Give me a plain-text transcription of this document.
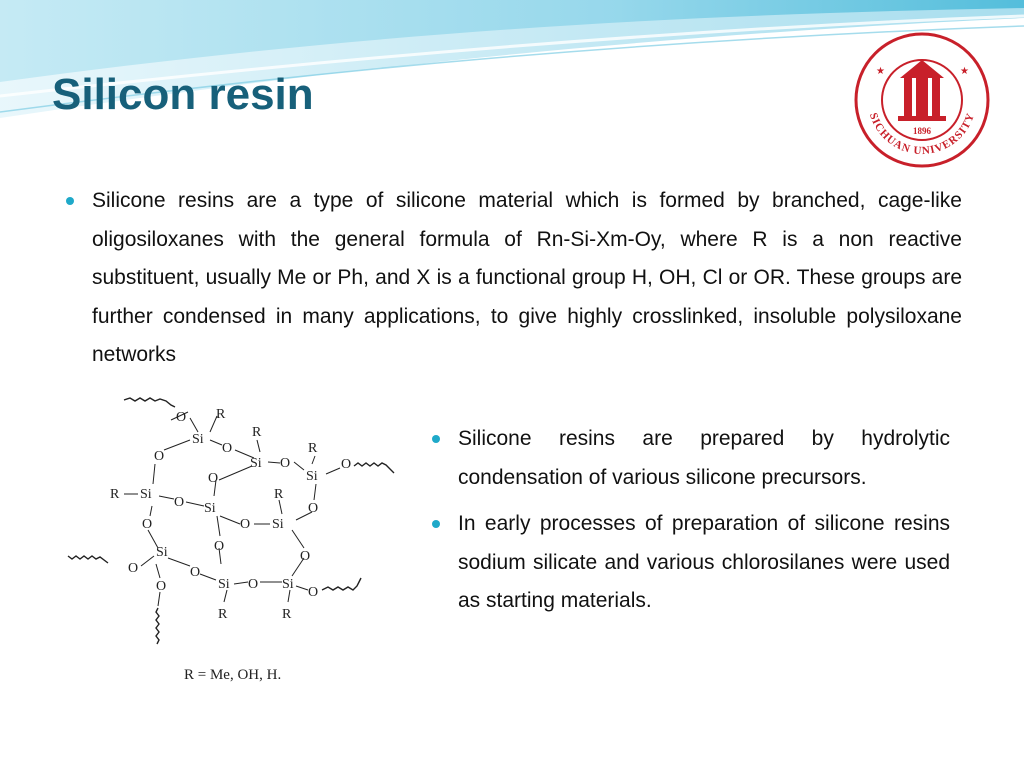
Silicon resin
1896
SICHUAN UNIVERSITY
★	★
Silicone resins are a type of silicone material which is formed by branched, cage-like oligosiloxanes with the general formula of Rn-Si-Xm-Oy, where R is a non reactive substituent, usually Me or Ph, and X is a functional group H, OH, Cl or OR. These groups are further condensed in many applications, to give highly crosslinked, insoluble polysiloxane networks
O R
Si
O
R
O	Si O
R
Si
O
O
R Si
O
R
Si	O
O	O Si
O
O
O
Si
O
O	Si O Si
O
R	R
R = Me, OH, H.
Silicone resins are prepared by hydrolytic condensation of various silicone precursors.
In early processes of preparation of silicone resins sodium silicate and various chlorosilanes were used as starting materials.
